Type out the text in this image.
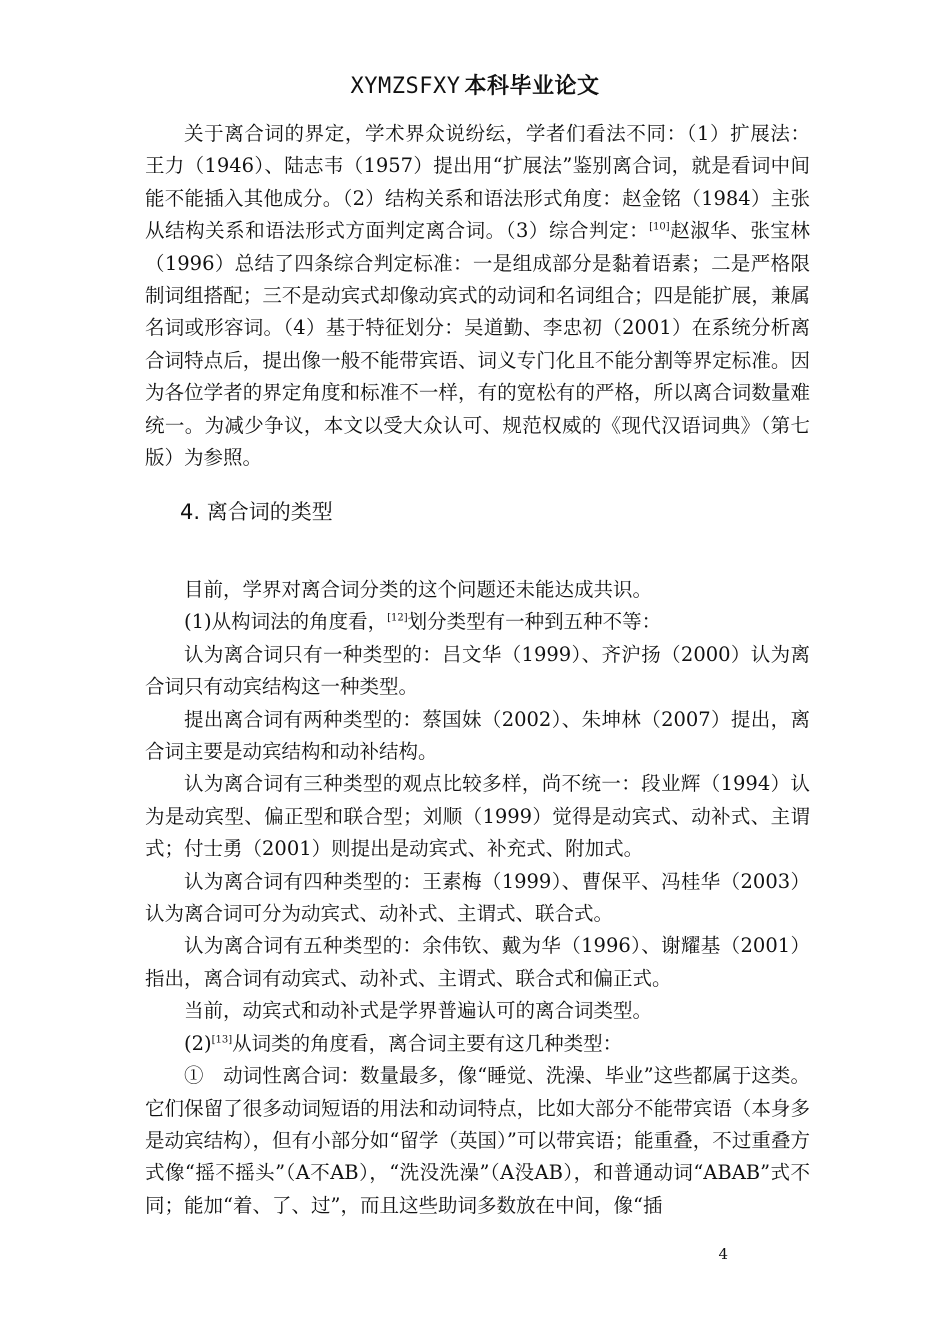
XYMZSFXY 本科毕业论文

关于离合词的界定，学术界众说纷纭，学者们看法不同：（1）扩展法：王力（1946）、陆志韦（1957）提出用“扩展法”鉴别离合词，就是看词中间能不能插入其他成分。（2）结构关系和语法形式角度：赵金铭（1984）主张从结构关系和语法形式方面判定离合词。（3）综合判定：[10]赵淑华、张宝林（1996）总结了四条综合判定标准：一是组成部分是黏着语素；二是严格限制词组搭配；三不是动宾式却像动宾式的动词和名词组合；四是能扩展，兼属名词或形容词。（4）基于特征划分：吴道勤、李忠初（2001）在系统分析离合词特点后，提出像一般不能带宾语、词义专门化且不能分割等界定标准。因为各位学者的界定角度和标准不一样，有的宽松有的严格，所以离合词数量难统一。为减少争议，本文以受大众认可、规范权威的《现代汉语词典》（第七版）为参照。

4. 离合词的类型

目前，学界对离合词分类的这个问题还未能达成共识。

(1)从构词法的角度看，[12]划分类型有一种到五种不等：

认为离合词只有一种类型的：吕文华（1999）、齐沪扬（2000）认为离合词只有动宾结构这一种类型。

提出离合词有两种类型的：蔡国妹（2002）、朱坤林（2007）提出，离合词主要是动宾结构和动补结构。

认为离合词有三种类型的观点比较多样，尚不统一：段业辉（1994）认为是动宾型、偏正型和联合型；刘顺（1999）觉得是动宾式、动补式、主谓式；付士勇（2001）则提出是动宾式、补充式、附加式。

认为离合词有四种类型的：王素梅（1999）、曹保平、冯桂华（2003）认为离合词可分为动宾式、动补式、主谓式、联合式。

认为离合词有五种类型的：余伟钦、戴为华（1996）、谢耀基（2001）指出，离合词有动宾式、动补式、主谓式、联合式和偏正式。

当前，动宾式和动补式是学界普遍认可的离合词类型。

(2)[13]从词类的角度看，离合词主要有这几种类型：

①　动词性离合词：数量最多，像“睡觉、洗澡、毕业”这些都属于这类。它们保留了很多动词短语的用法和动词特点，比如大部分不能带宾语（本身多是动宾结构），但有小部分如“留学（英国）”可以带宾语；能重叠，不过重叠方式像“摇不摇头”（A不AB），“洗没洗澡”（A没AB），和普通动词“ABAB”式不同；能加“着、了、过”，而且这些助词多数放在中间，像“插

4
